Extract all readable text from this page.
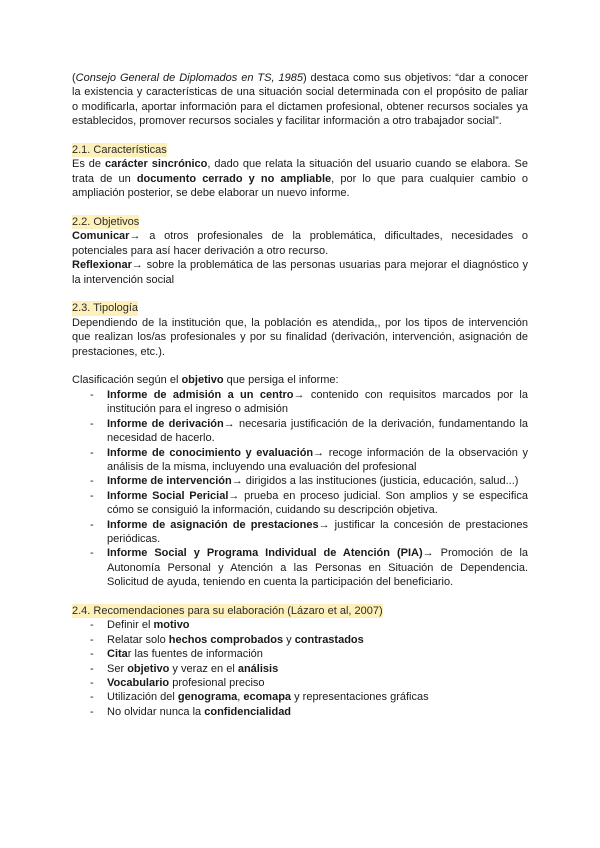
(Consejo General de Diplomados en TS, 1985) destaca como sus objetivos: “dar a conocer la existencia y características de una situación social determinada con el propósito de paliar o modificarla, aportar información para el dictamen profesional, obtener recursos sociales ya establecidos, promover recursos sociales y facilitar información a otro trabajador social”.

2.1. Características

Es de carácter sincrónico, dado que relata la situación del usuario cuando se elabora. Se trata de un documento cerrado y no ampliable, por lo que para cualquier cambio o ampliación posterior, se debe elaborar un nuevo informe.

2.2. Objetivos

Comunicar→ a otros profesionales de la problemática, dificultades, necesidades o potenciales para así hacer derivación a otro recurso.

Reflexionar→ sobre la problemática de las personas usuarias para mejorar el diagnóstico y la intervención social

2.3. Tipología

Dependiendo de la institución que, la población es atendida,, por los tipos de intervención que realizan los/as profesionales y por su finalidad (derivación, intervención, asignación de prestaciones, etc.).

Clasificación según el objetivo que persiga el informe:

- Informe de admisión a un centro→ contenido con requisitos marcados por la institución para el ingreso o admisión
- Informe de derivación→ necesaria justificación de la derivación, fundamentando la necesidad de hacerlo.
- Informe de conocimiento y evaluación→ recoge información de la observación y análisis de la misma, incluyendo una evaluación del profesional
- Informe de intervención→ dirigidos a las instituciones (justicia, educación, salud...)
- Informe Social Pericial→ prueba en proceso judicial. Son amplios y se especifica cómo se consiguió la información, cuidando su descripción objetiva.
- Informe de asignación de prestaciones→ justificar la concesión de prestaciones periódicas.
- Informe Social y Programa Individual de Atención (PIA)→ Promoción de la Autonomía Personal y Atención a las Personas en Situación de Dependencia. Solicitud de ayuda, teniendo en cuenta la participación del beneficiario.

2.4. Recomendaciones para su elaboración (Lázaro et al, 2007)

- Definir el motivo
- Relatar solo hechos comprobados y contrastados
- Citar las fuentes de información
- Ser objetivo y veraz en el análisis
- Vocabulario profesional preciso
- Utilización del genograma, ecomapa y representaciones gráficas
- No olvidar nunca la confidencialidad
